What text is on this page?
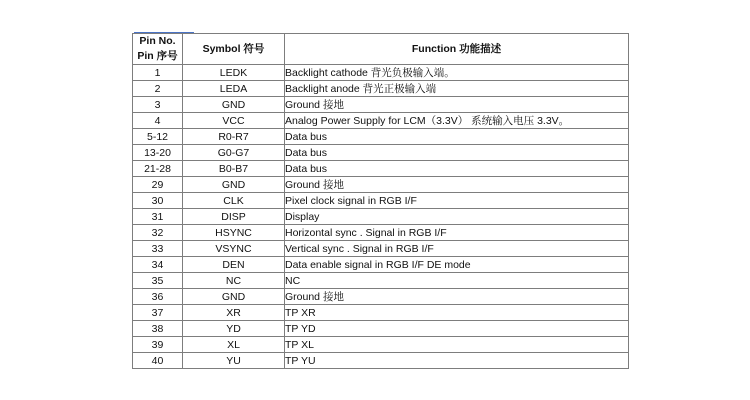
Pin No.
Pin 序号	Symbol 符号	Function 功能描述
1	LEDK	Backlight cathode 背光负极输入端。
2	LEDA	Backlight anode 背光正极输入端
3	GND	Ground 接地
4	VCC	Analog Power Supply for LCM（3.3V） 系统输入电压 3.3V。
5-12	R0-R7	Data bus
13-20	G0-G7	Data bus
21-28	B0-B7	Data bus
29	GND	Ground 接地
30	CLK	Pixel clock signal in RGB I/F
31	DISP	Display
32	HSYNC	Horizontal sync . Signal in RGB I/F
33	VSYNC	Vertical sync . Signal in RGB I/F
34	DEN	Data enable signal in RGB I/F DE mode
35	NC	NC
36	GND	Ground 接地
37	XR	TP XR
38	YD	TP YD
39	XL	TP XL
40	YU	TP YU
